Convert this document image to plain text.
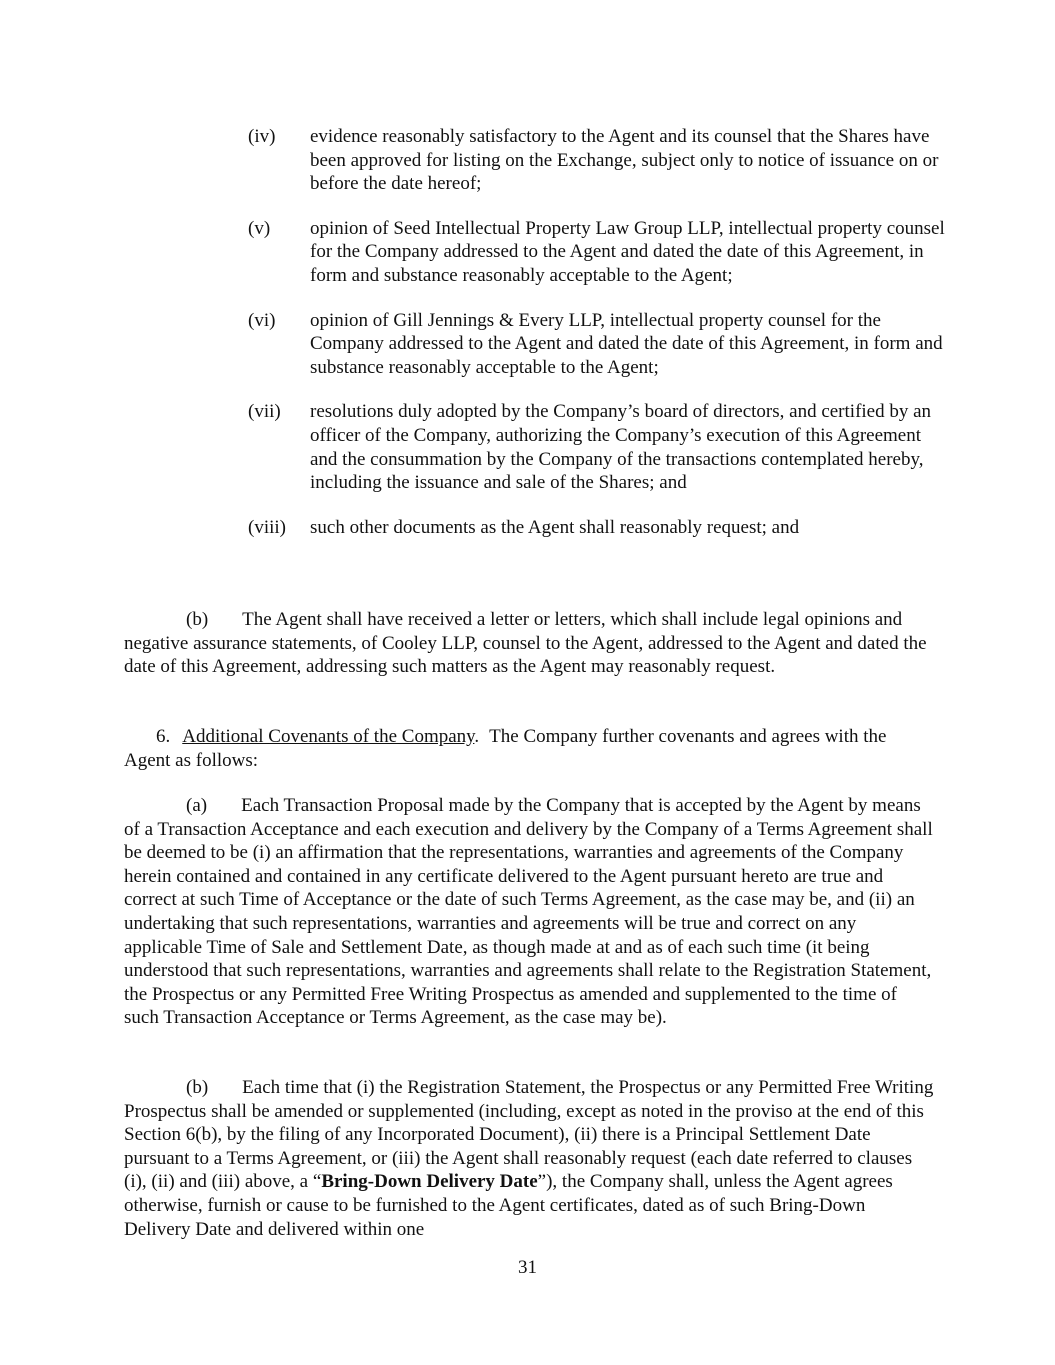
(iv)	evidence reasonably satisfactory to the Agent and its counsel that the Shares have been approved for listing on the Exchange, subject only to notice of issuance on or before the date hereof;
(v)	opinion of Seed Intellectual Property Law Group LLP, intellectual property counsel for the Company addressed to the Agent and dated the date of this Agreement, in form and substance reasonably acceptable to the Agent;
(vi)	opinion of Gill Jennings & Every LLP, intellectual property counsel for the Company addressed to the Agent and dated the date of this Agreement, in form and substance reasonably acceptable to the Agent;
(vii)	resolutions duly adopted by the Company’s board of directors, and certified by an officer of the Company, authorizing the Company’s execution of this Agreement and the consummation by the Company of the transactions contemplated hereby, including the issuance and sale of the Shares; and
(viii)	such other documents as the Agent shall reasonably request; and

(b) The Agent shall have received a letter or letters, which shall include legal opinions and negative assurance statements, of Cooley LLP, counsel to the Agent, addressed to the Agent and dated the date of this Agreement, addressing such matters as the Agent may reasonably request.

6. Additional Covenants of the Company. The Company further covenants and agrees with the Agent as follows:

(a) Each Transaction Proposal made by the Company that is accepted by the Agent by means of a Transaction Acceptance and each execution and delivery by the Company of a Terms Agreement shall be deemed to be (i) an affirmation that the representations, warranties and agreements of the Company herein contained and contained in any certificate delivered to the Agent pursuant hereto are true and correct at such Time of Acceptance or the date of such Terms Agreement, as the case may be, and (ii) an undertaking that such representations, warranties and agreements will be true and correct on any applicable Time of Sale and Settlement Date, as though made at and as of each such time (it being understood that such representations, warranties and agreements shall relate to the Registration Statement, the Prospectus or any Permitted Free Writing Prospectus as amended and supplemented to the time of such Transaction Acceptance or Terms Agreement, as the case may be).

(b) Each time that (i) the Registration Statement, the Prospectus or any Permitted Free Writing Prospectus shall be amended or supplemented (including, except as noted in the proviso at the end of this Section 6(b), by the filing of any Incorporated Document), (ii) there is a Principal Settlement Date pursuant to a Terms Agreement, or (iii) the Agent shall reasonably request (each date referred to clauses (i), (ii) and (iii) above, a “Bring-Down Delivery Date”), the Company shall, unless the Agent agrees otherwise, furnish or cause to be furnished to the Agent certificates, dated as of such Bring-Down Delivery Date and delivered within one

31
